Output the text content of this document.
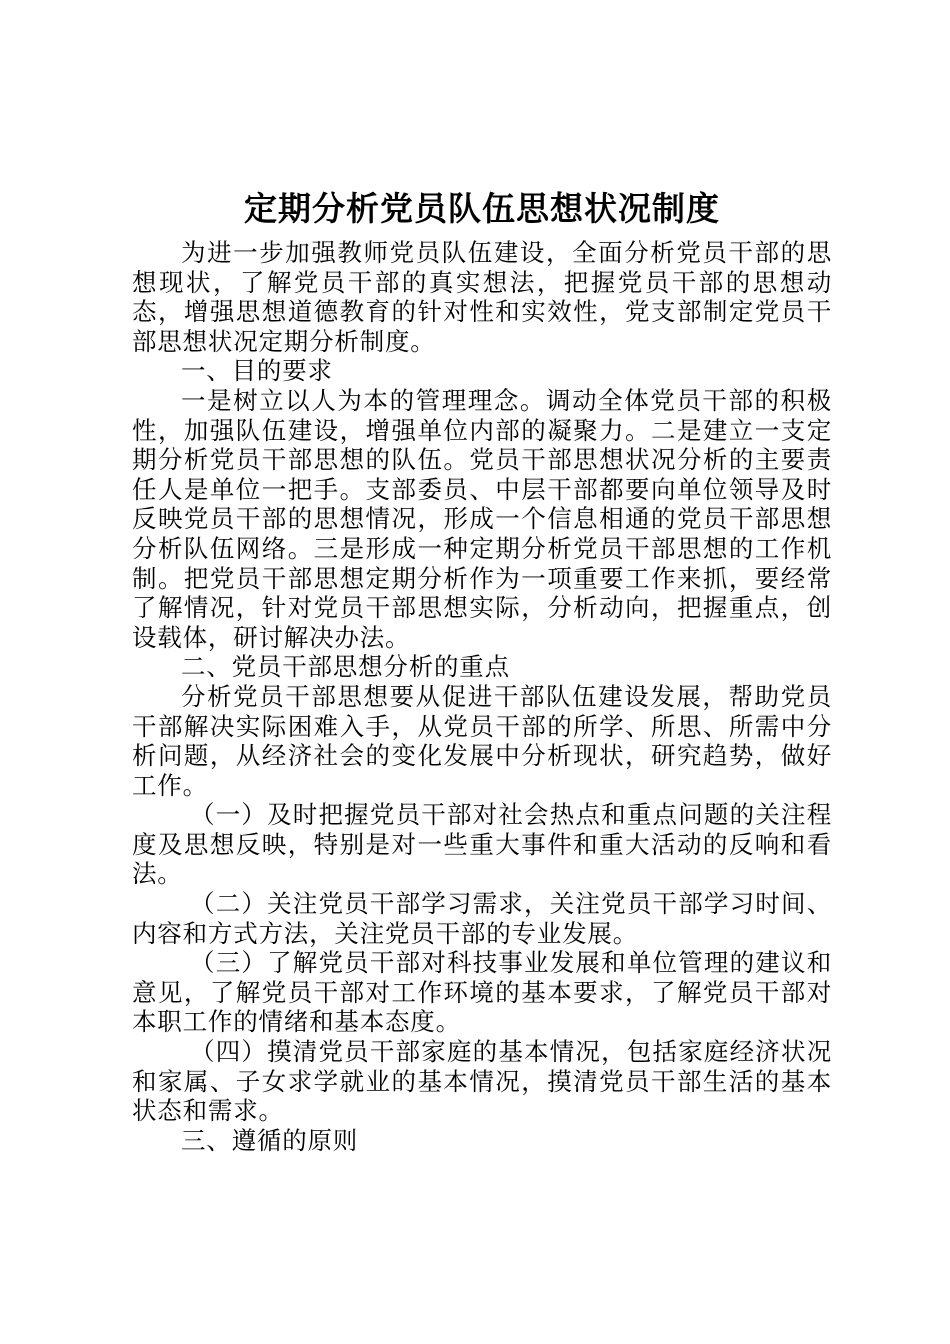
定期分析党员队伍思想状况制度

为进一步加强教师党员队伍建设，全面分析党员干部的思想现状，了解党员干部的真实想法，把握党员干部的思想动态，增强思想道德教育的针对性和实效性，党支部制定党员干部思想状况定期分析制度。

一、目的要求

一是树立以人为本的管理理念。调动全体党员干部的积极性，加强队伍建设，增强单位内部的凝聚力。二是建立一支定期分析党员干部思想的队伍。党员干部思想状况分析的主要责任人是单位一把手。支部委员、中层干部都要向单位领导及时反映党员干部的思想情况，形成一个信息相通的党员干部思想分析队伍网络。三是形成一种定期分析党员干部思想的工作机制。把党员干部思想定期分析作为一项重要工作来抓，要经常了解情况，针对党员干部思想实际，分析动向，把握重点，创设载体，研讨解决办法。

二、党员干部思想分析的重点

分析党员干部思想要从促进干部队伍建设发展，帮助党员干部解决实际困难入手，从党员干部的所学、所思、所需中分析问题，从经济社会的变化发展中分析现状，研究趋势，做好工作。

（一）及时把握党员干部对社会热点和重点问题的关注程度及思想反映，特别是对一些重大事件和重大活动的反响和看法。

（二）关注党员干部学习需求，关注党员干部学习时间、内容和方式方法，关注党员干部的专业发展。

（三）了解党员干部对科技事业发展和单位管理的建议和意见，了解党员干部对工作环境的基本要求，了解党员干部对本职工作的情绪和基本态度。

（四）摸清党员干部家庭的基本情况，包括家庭经济状况和家属、子女求学就业的基本情况，摸清党员干部生活的基本状态和需求。

三、遵循的原则
